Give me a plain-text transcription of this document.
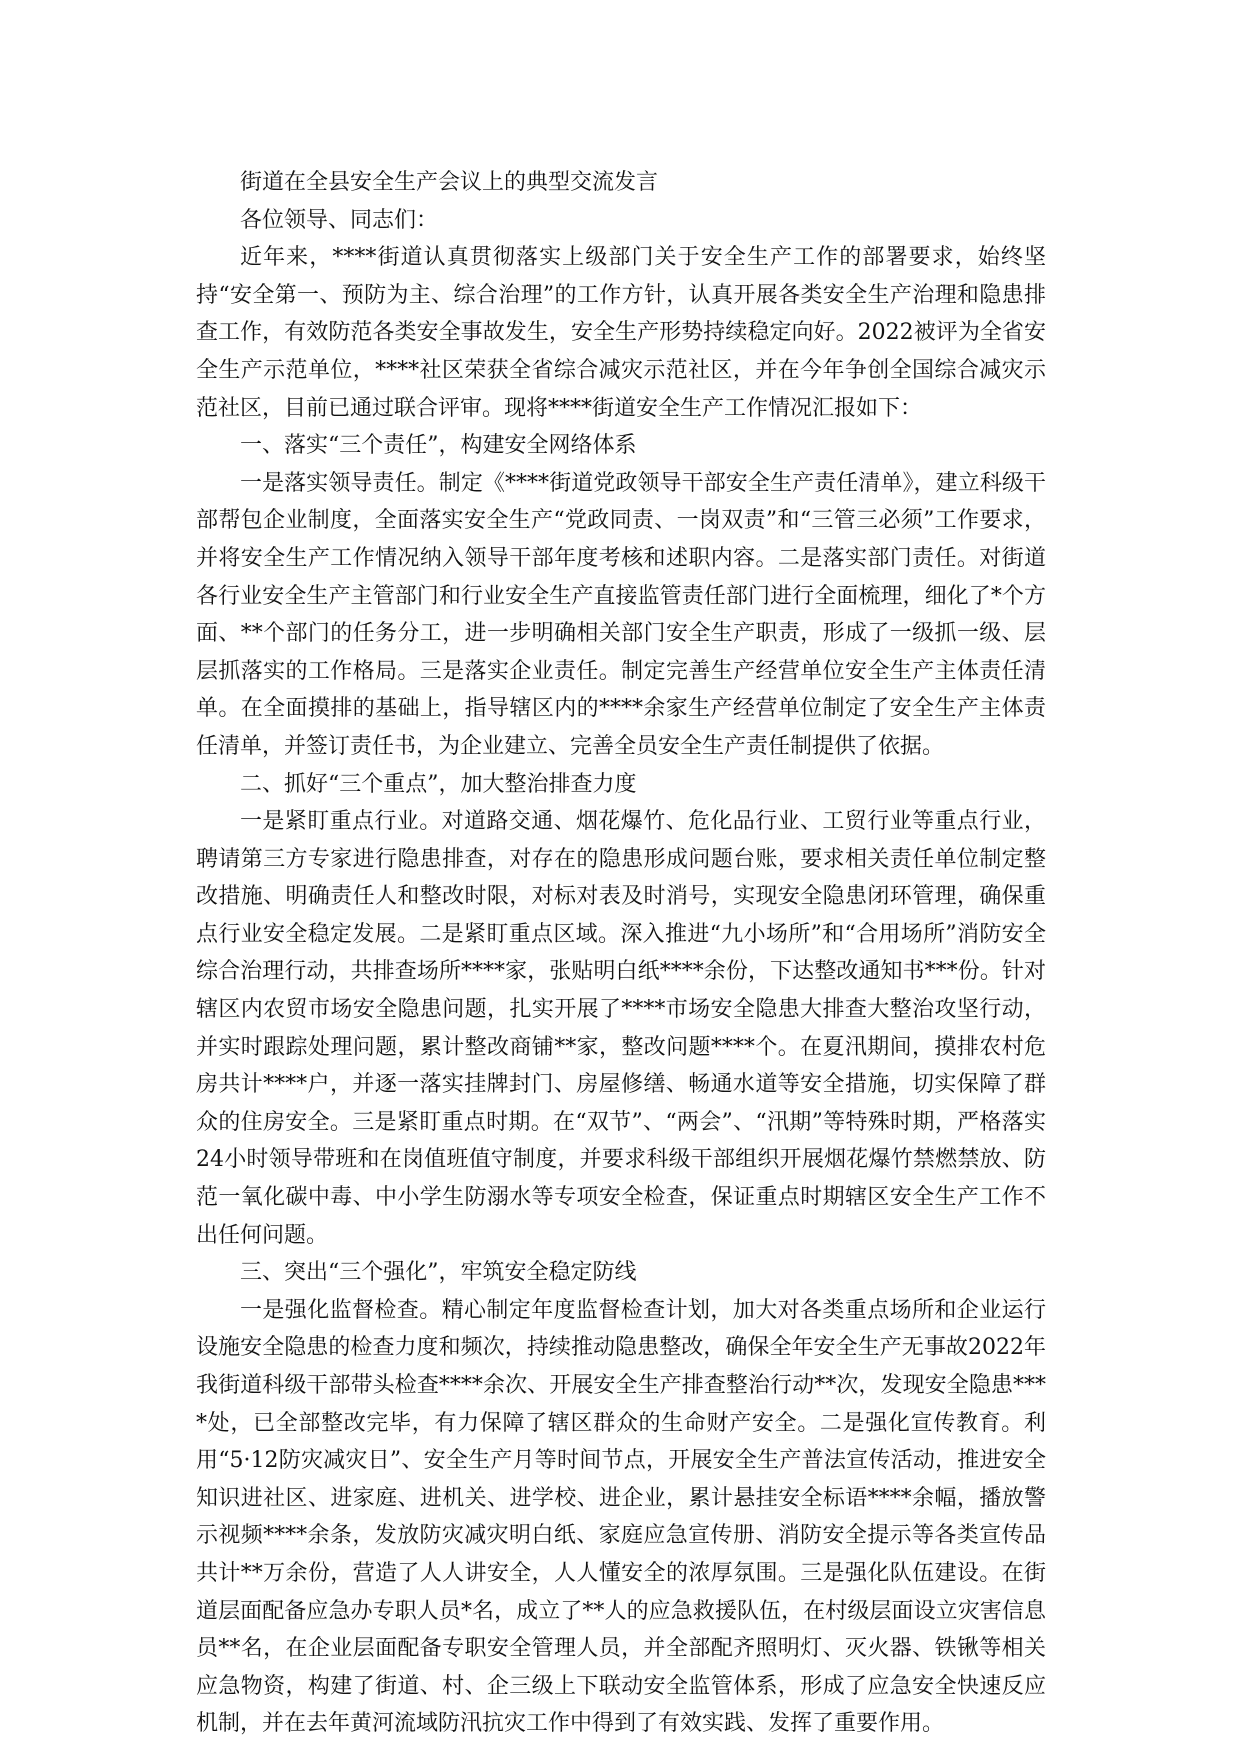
街道在全县安全生产会议上的典型交流发言

各位领导、同志们：

近年来，****街道认真贯彻落实上级部门关于安全生产工作的部署要求，始终坚持“安全第一、预防为主、综合治理”的工作方针，认真开展各类安全生产治理和隐患排查工作，有效防范各类安全事故发生，安全生产形势持续稳定向好。2022被评为全省安全生产示范单位，****社区荣获全省综合减灾示范社区，并在今年争创全国综合减灾示范社区，目前已通过联合评审。现将****街道安全生产工作情况汇报如下：

一、落实“三个责任”，构建安全网络体系

一是落实领导责任。制定《****街道党政领导干部安全生产责任清单》，建立科级干部帮包企业制度，全面落实安全生产“党政同责、一岗双责”和“三管三必须”工作要求，并将安全生产工作情况纳入领导干部年度考核和述职内容。二是落实部门责任。对街道各行业安全生产主管部门和行业安全生产直接监管责任部门进行全面梳理，细化了*个方面、**个部门的任务分工，进一步明确相关部门安全生产职责，形成了一级抓一级、层层抓落实的工作格局。三是落实企业责任。制定完善生产经营单位安全生产主体责任清单。在全面摸排的基础上，指导辖区内的****余家生产经营单位制定了安全生产主体责任清单，并签订责任书，为企业建立、完善全员安全生产责任制提供了依据。

二、抓好“三个重点”，加大整治排查力度

一是紧盯重点行业。对道路交通、烟花爆竹、危化品行业、工贸行业等重点行业，聘请第三方专家进行隐患排查，对存在的隐患形成问题台账，要求相关责任单位制定整改措施、明确责任人和整改时限，对标对表及时消号，实现安全隐患闭环管理，确保重点行业安全稳定发展。二是紧盯重点区域。深入推进“九小场所”和“合用场所”消防安全综合治理行动，共排查场所****家，张贴明白纸****余份，下达整改通知书***份。针对辖区内农贸市场安全隐患问题，扎实开展了****市场安全隐患大排查大整治攻坚行动，并实时跟踪处理问题，累计整改商铺**家，整改问题****个。在夏汛期间，摸排农村危房共计****户，并逐一落实挂牌封门、房屋修缮、畅通水道等安全措施，切实保障了群众的住房安全。三是紧盯重点时期。在“双节”、“两会”、“汛期”等特殊时期，严格落实24小时领导带班和在岗值班值守制度，并要求科级干部组织开展烟花爆竹禁燃禁放、防范一氧化碳中毒、中小学生防溺水等专项安全检查，保证重点时期辖区安全生产工作不出任何问题。

三、突出“三个强化”，牢筑安全稳定防线

一是强化监督检查。精心制定年度监督检查计划，加大对各类重点场所和企业运行设施安全隐患的检查力度和频次，持续推动隐患整改，确保全年安全生产无事故2022年我街道科级干部带头检查****余次、开展安全生产排查整治行动**次，发现安全隐患****处，已全部整改完毕，有力保障了辖区群众的生命财产安全。二是强化宣传教育。利用“5·12防灾减灾日”、安全生产月等时间节点，开展安全生产普法宣传活动，推进安全知识进社区、进家庭、进机关、进学校、进企业，累计悬挂安全标语****余幅，播放警示视频****余条，发放防灾减灾明白纸、家庭应急宣传册、消防安全提示等各类宣传品共计**万余份，营造了人人讲安全，人人懂安全的浓厚氛围。三是强化队伍建设。在街道层面配备应急办专职人员*名，成立了**人的应急救援队伍，在村级层面设立灾害信息员**名，在企业层面配备专职安全管理人员，并全部配齐照明灯、灭火器、铁锹等相关应急物资，构建了街道、村、企三级上下联动安全监管体系，形成了应急安全快速反应机制，并在去年黄河流域防汛抗灾工作中得到了有效实践、发挥了重要作用。
